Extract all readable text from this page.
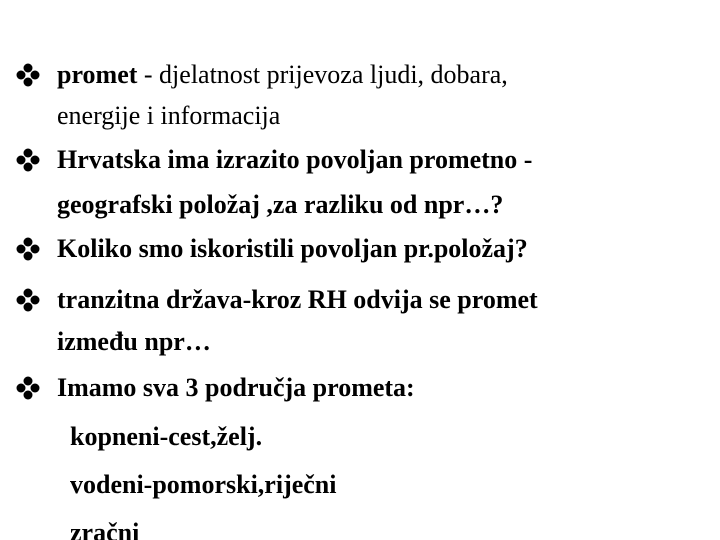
promet - djelatnost prijevoza ljudi, dobara,
energije i informacija
Hrvatska ima izrazito povoljan prometno -
geografski položaj ,za razliku od npr…?
Koliko smo iskoristili povoljan pr.položaj?
tranzitna država-kroz RH odvija se promet
između npr…
Imamo sva 3 područja prometa:
kopneni-cest,želj.
vodeni-pomorski,riječni
zračni
